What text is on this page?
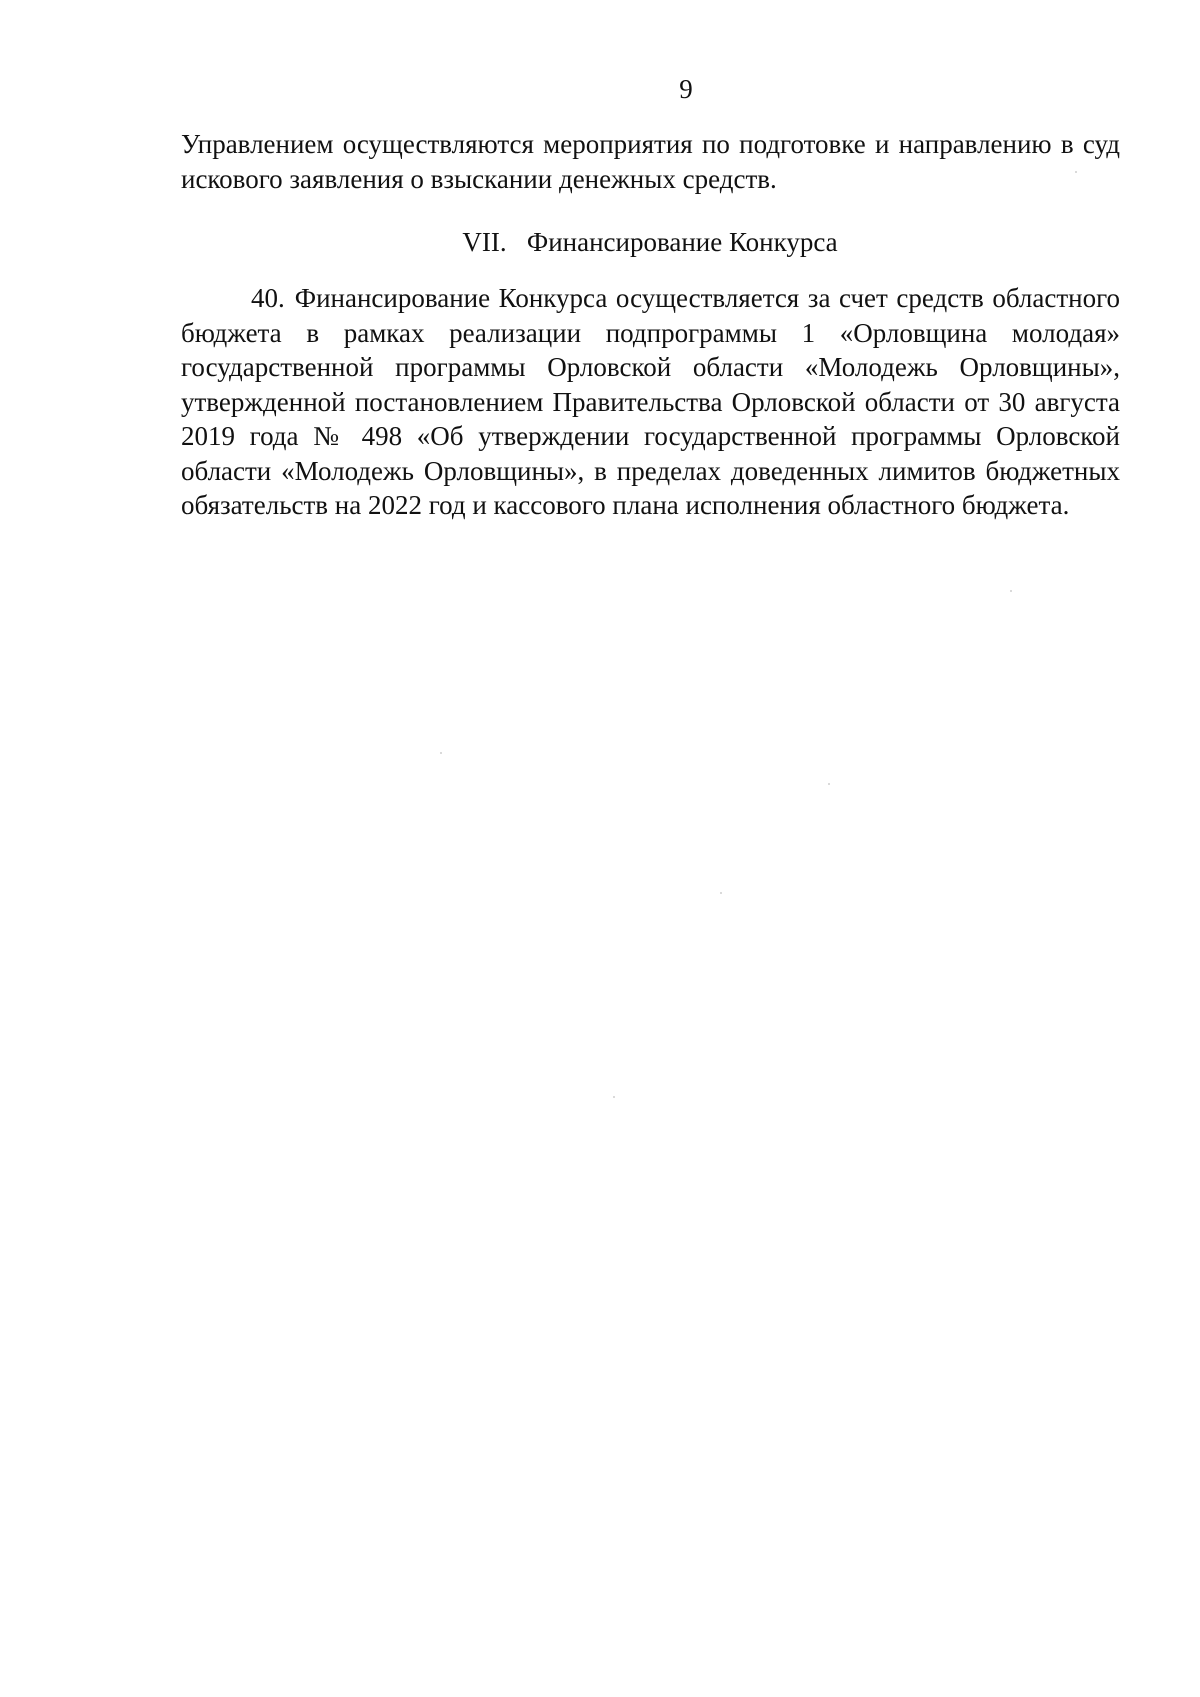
9

Управлением осуществляются мероприятия по подготовке и направлению в суд искового заявления о взыскании денежных средств.

VII. Финансирование Конкурса

40. Финансирование Конкурса осуществляется за счет средств областного бюджета в рамках реализации подпрограммы 1 «Орловщина молодая» государственной программы Орловской области «Молодежь Орловщины», утвержденной постановлением Правительства Орловской области от 30 августа 2019 года № 498 «Об утверждении государственной программы Орловской области «Молодежь Орловщины», в пределах доведенных лимитов бюджетных обязательств на 2022 год и кассового плана исполнения областного бюджета.
